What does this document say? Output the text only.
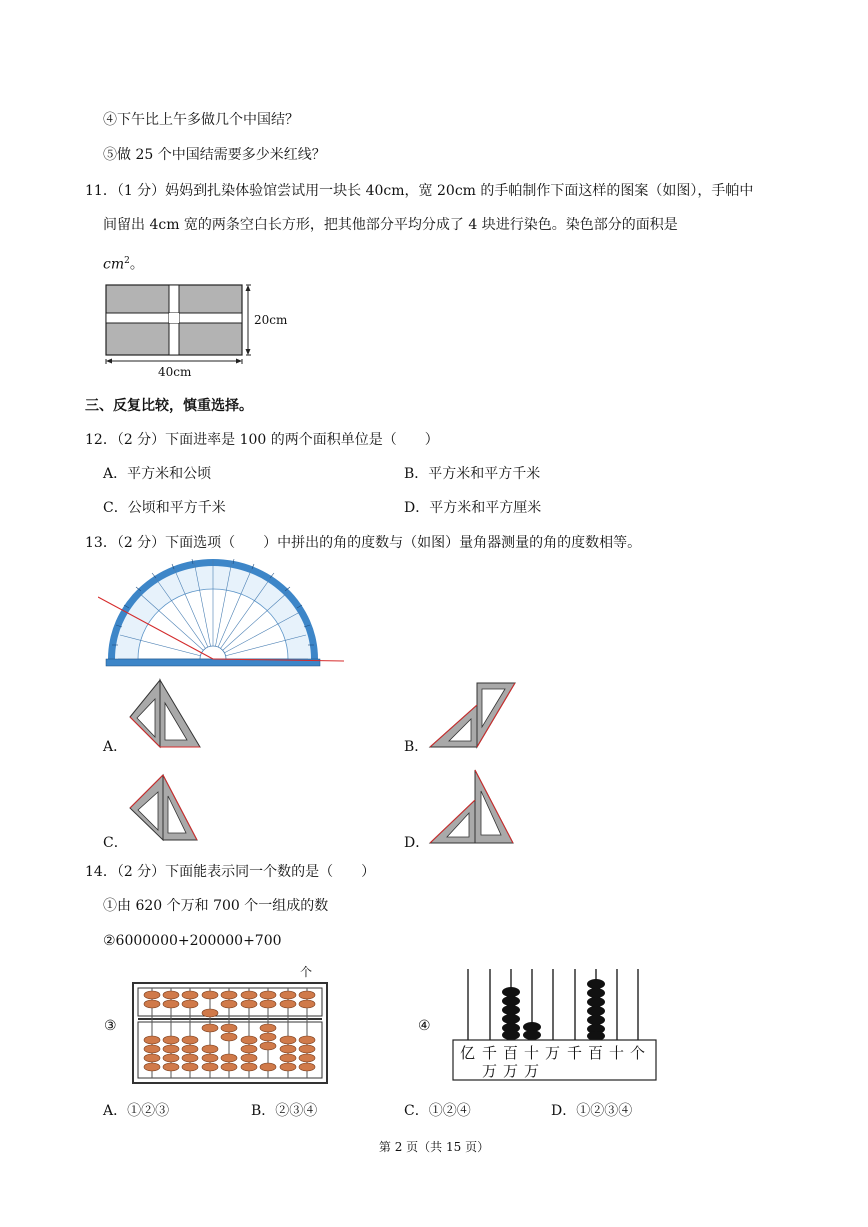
④下午比上午多做几个中国结？
⑤做 25 个中国结需要多少米红线？
11．（1 分）妈妈到扎染体验馆尝试用一块长 40cm，宽 20cm 的手帕制作下面这样的图案（如图），手帕中
间留出 4cm 宽的两条空白长方形，把其他部分平均分成了 4 块进行染色。染色部分的面积是
$cm^2$。
40cm
20cm
三、反复比较，慎重选择。
12．（2 分）下面进率是 100 的两个面积单位是（　　）
A．平方米和公顷	B．平方米和平方千米
C．公顷和平方千米	D．平方米和平方厘米
13．（2 分）下面选项（　　）中拼出的角的度数与（如图）量角器测量的角的度数相等。
A．	B．
C．	D．
14．（2 分）下面能表示同一个数的是（　　）
①由 620 个万和 700 个一组成的数
②6000000+200000+700
③
个
④
亿 千 百 十 万 千 百 十 个
万 万 万
A．①②③	B．②③④	C．①②④	D．①②③④
第 2 页（共 15 页）
